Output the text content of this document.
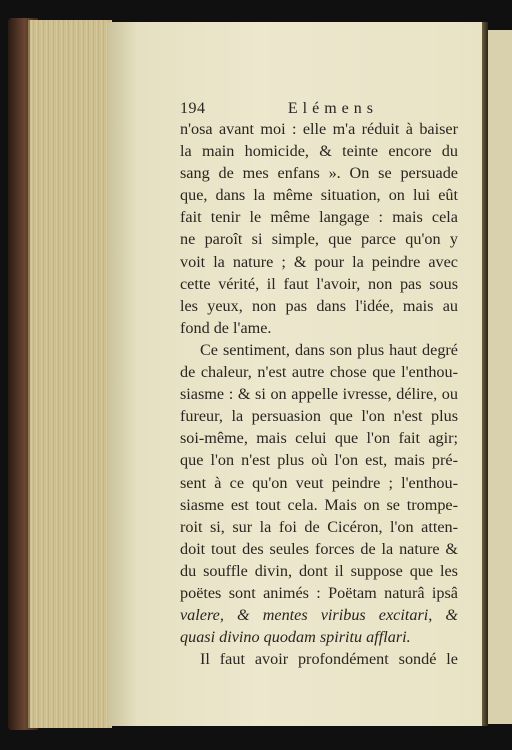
194	Elémens
n'osa avant moi : elle m'a réduit à baiser
la main homicide, & teinte encore du
sang de mes enfans ». On se persuade
que, dans la même situation, on lui eût
fait tenir le même langage : mais cela
ne paroît si simple, que parce qu'on y
voit la nature ; & pour la peindre avec
cette vérité, il faut l'avoir, non pas sous
les yeux, non pas dans l'idée, mais au
fond de l'ame.
Ce sentiment, dans son plus haut degré
de chaleur, n'est autre chose que l'enthou-
siasme : & si on appelle ivresse, délire, ou
fureur, la persuasion que l'on n'est plus
soi-même, mais celui que l'on fait agir;
que l'on n'est plus où l'on est, mais pré-
sent à ce qu'on veut peindre ; l'enthou-
siasme est tout cela. Mais on se trompe-
roit si, sur la foi de Cicéron, l'on atten-
doit tout des seules forces de la nature &
du souffle divin, dont il suppose que les
poëtes sont animés : Poëtam naturâ ipsâ
valere, & mentes viribus excitari, &
quasi divino quodam spiritu afflari.
Il faut avoir profondément sondé le
